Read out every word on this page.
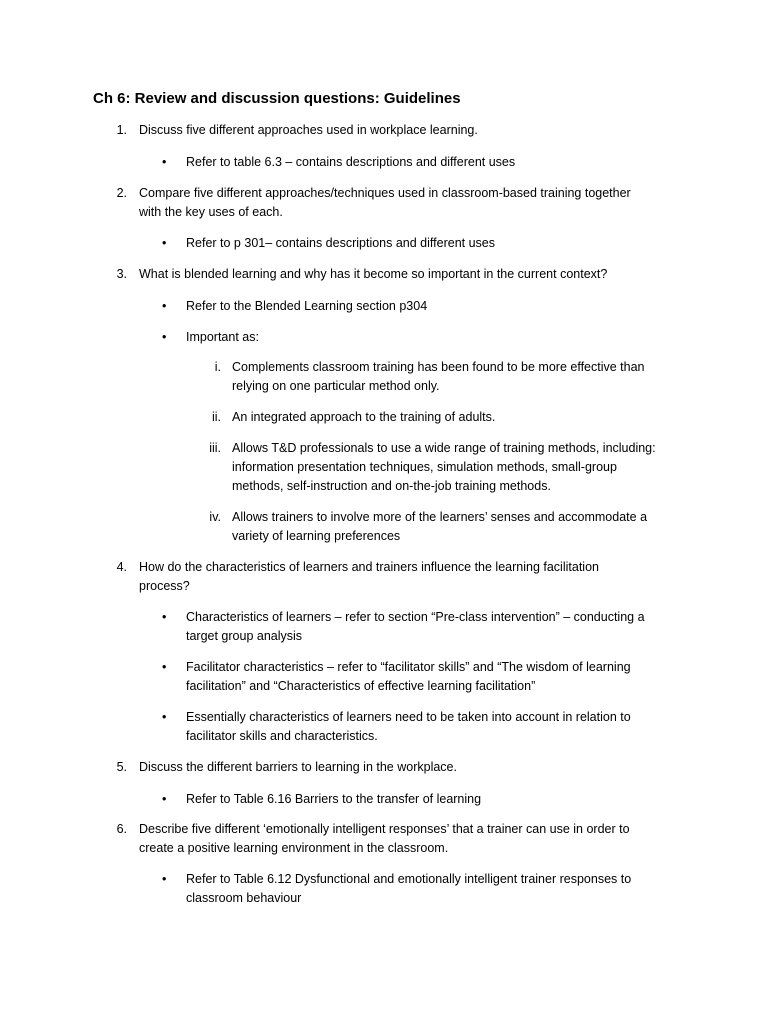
Ch 6: Review and discussion questions: Guidelines
1. Discuss five different approaches used in workplace learning.
• Refer to table 6.3 – contains descriptions and different uses
2. Compare five different approaches/techniques used in classroom-based training together
with the key uses of each.
• Refer to p 301– contains descriptions and different uses
3. What is blended learning and why has it become so important in the current context?
• Refer to the Blended Learning section p304
• Important as:
i. Complements classroom training has been found to be more effective than
relying on one particular method only.
ii. An integrated approach to the training of adults.
iii. Allows T&D professionals to use a wide range of training methods, including:
information presentation techniques, simulation methods, small-group
methods, self-instruction and on-the-job training methods.
iv. Allows trainers to involve more of the learners’ senses and accommodate a
variety of learning preferences
4. How do the characteristics of learners and trainers influence the learning facilitation
process?
• Characteristics of learners – refer to section “Pre-class intervention” – conducting a
target group analysis
• Facilitator characteristics – refer to “facilitator skills” and “The wisdom of learning
facilitation” and “Characteristics of effective learning facilitation”
• Essentially characteristics of learners need to be taken into account in relation to
facilitator skills and characteristics.
5. Discuss the different barriers to learning in the workplace.
• Refer to Table 6.16 Barriers to the transfer of learning
6. Describe five different ‘emotionally intelligent responses’ that a trainer can use in order to
create a positive learning environment in the classroom.
• Refer to Table 6.12 Dysfunctional and emotionally intelligent trainer responses to
classroom behaviour
